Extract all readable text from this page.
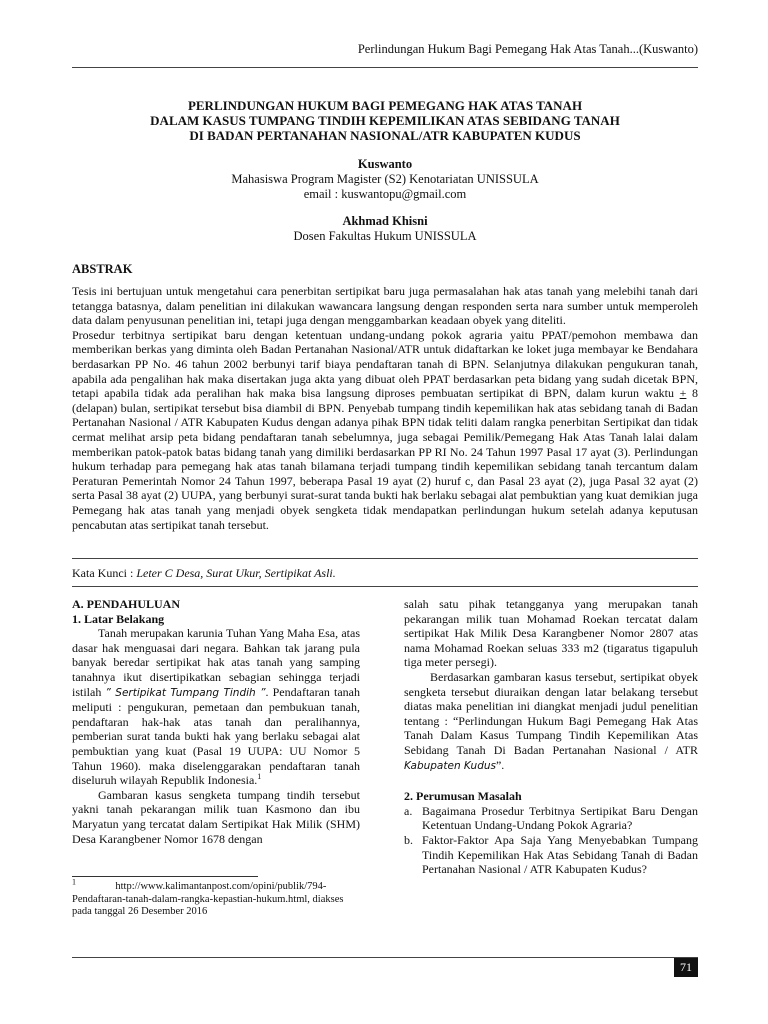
Perlindungan Hukum Bagi Pemegang Hak Atas Tanah...(Kuswanto)
PERLINDUNGAN HUKUM BAGI PEMEGANG HAK ATAS TANAH
DALAM KASUS TUMPANG TINDIH KEPEMILIKAN ATAS SEBIDANG TANAH
DI BADAN PERTANAHAN NASIONAL/ATR KABUPATEN KUDUS
Kuswanto
Mahasiswa Program Magister (S2) Kenotariatan UNISSULA
email : kuswantopu@gmail.com
Akhmad Khisni
Dosen Fakultas Hukum UNISSULA
ABSTRAK

Tesis ini bertujuan untuk mengetahui cara penerbitan sertipikat baru juga permasalahan hak atas tanah yang melebihi tanah dari tetangga batasnya, dalam penelitian ini dilakukan wawancara langsung dengan responden serta nara sumber untuk memperoleh data dalam penyusunan penelitian ini, tetapi juga dengan menggambarkan keadaan obyek yang diteliti.

Prosedur terbitnya sertipikat baru dengan ketentuan undang-undang pokok agraria yaitu PPAT/pemohon membawa dan memberikan berkas yang diminta oleh Badan Pertanahan Nasional/ATR untuk didaftarkan ke loket juga membayar ke Bendahara berdasarkan PP No. 46 tahun 2002 berbunyi tarif biaya pendaftaran tanah di BPN. Selanjutnya dilakukan pengukuran tanah, apabila ada pengalihan hak maka disertakan juga akta yang dibuat oleh PPAT berdasarkan peta bidang yang sudah dicetak BPN, tetapi apabila tidak ada peralihan hak maka bisa langsung diproses pembuatan sertipikat di BPN, dalam kurun waktu + 8 (delapan) bulan, sertipikat tersebut bisa diambil di BPN. Penyebab tumpang tindih kepemilikan hak atas sebidang tanah di Badan Pertanahan Nasional / ATR Kabupaten Kudus dengan adanya pihak BPN tidak teliti dalam rangka penerbitan Sertipikat dan tidak cermat melihat arsip peta bidang pendaftaran tanah sebelumnya, juga sebagai Pemilik/Pemegang Hak Atas Tanah lalai dalam memberikan patok-patok batas bidang tanah yang dimiliki berdasarkan PP RI No. 24 Tahun 1997 Pasal 17 ayat (3). Perlindungan hukum terhadap para pemegang hak atas tanah bilamana terjadi tumpang tindih kepemilikan sebidang tanah tercantum dalam Peraturan Pemerintah Nomor 24 Tahun 1997, beberapa Pasal 19 ayat (2) huruf c, dan Pasal 23 ayat (2), juga Pasal 32 ayat (2) serta Pasal 38 ayat (2) UUPA, yang berbunyi surat-surat tanda bukti hak berlaku sebagai alat pembuktian yang kuat demikian juga Pemegang hak atas tanah yang menjadi obyek sengketa tidak mendapatkan perlindungan hukum setelah adanya keputusan pencabutan atas sertipikat tanah tersebut.

Kata Kunci : Leter C Desa, Surat Ukur, Sertipikat Asli.

A. PENDAHULUAN

1. Latar Belakang

Tanah merupakan karunia Tuhan Yang Maha Esa, atas dasar hak menguasai dari negara. Bahkan tak jarang pula banyak beredar sertipikat hak atas tanah yang samping tanahnya ikut disertipikatkan sebagian sehingga terjadi istilah ” Sertipikat Tumpang Tindih ”. Pendaftaran tanah meliputi : pengukuran, pemetaan dan pembukuan tanah, pendaftaran hak-hak atas tanah dan peralihannya, pemberian surat tanda bukti hak yang berlaku sebagai alat pembuktian yang kuat (Pasal 19 UUPA: UU Nomor 5 Tahun 1960). maka diselenggarakan pendaftaran tanah diseluruh wilayah Republik Indonesia.$^1$

Gambaran kasus sengketa tumpang tindih tersebut yakni tanah pekarangan milik tuan Kasmono dan ibu Maryatun yang tercatat dalam Sertipikat Hak Milik (SHM) Desa Karangbener Nomor 1678 dengan

$^1$	http://www.kalimantanpost.com/opini/publik/794-Pendaftaran-tanah-dalam-rangka-kepastian-hukum.html, diakses pada tanggal 26 Desember 2016

salah satu pihak tetangganya yang merupakan tanah pekarangan milik tuan Mohamad Roekan tercatat dalam sertipikat Hak Milik Desa Karangbener Nomor 2807 atas nama Mohamad Roekan seluas 333 m2 (tigaratus tigapuluh tiga meter persegi).

Berdasarkan gambaran kasus tersebut, sertipikat obyek sengketa tersebut diuraikan dengan latar belakang tersebut diatas maka penelitian ini diangkat menjadi judul penelitian tentang : “Perlindungan Hukum Bagi Pemegang Hak Atas Tanah Dalam Kasus Tumpang Tindih Kepemilikan Atas Sebidang Tanah Di Badan Pertanahan Nasional / ATR Kabupaten Kudus”.

2. Perumusan Masalah

a. Bagaimana Prosedur Terbitnya Sertipikat Baru Dengan Ketentuan Undang-Undang Pokok Agraria?
b. Faktor-Faktor Apa Saja Yang Menyebabkan Tumpang Tindih Kepemilikan Hak Atas Sebidang Tanah di Badan Pertanahan Nasional / ATR Kabupaten Kudus?
71
